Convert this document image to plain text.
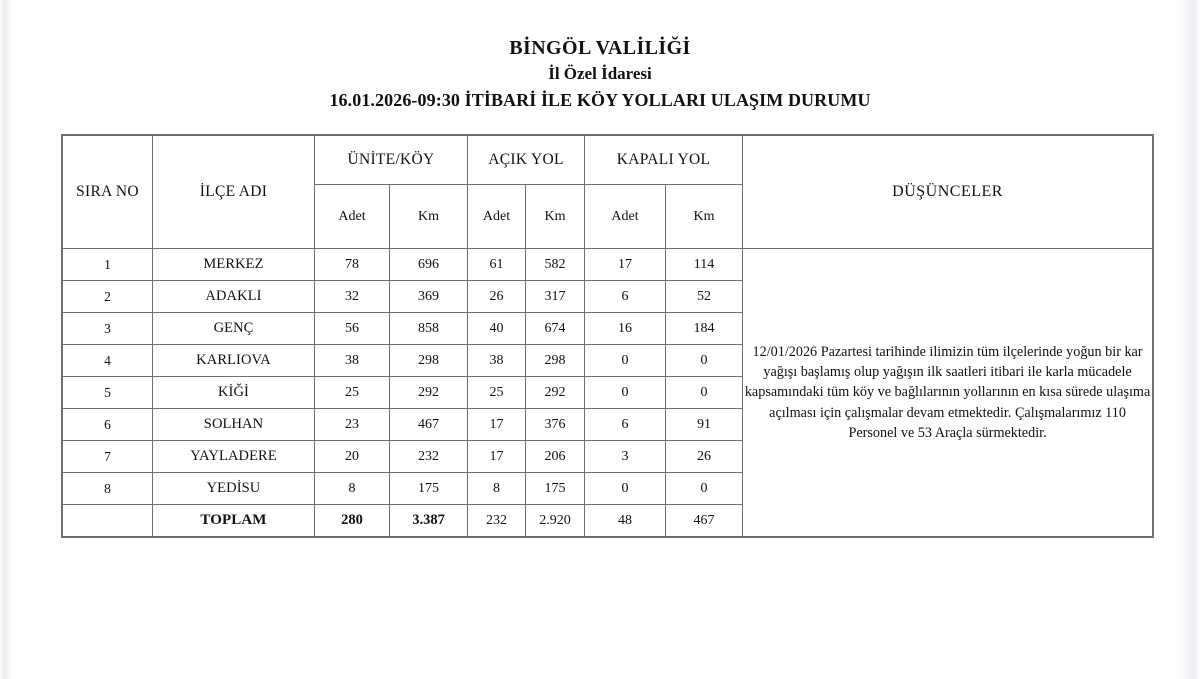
BİNGÖL VALİLİĞİ
İl Özel İdaresi
16.01.2026-09:30 İTİBARİ İLE KÖY YOLLARI ULAŞIM DURUMU
SIRA NO	İLÇE ADI	ÜNİTE/KÖY		AÇIK YOL		KAPALI YOL		DÜŞÜNCELER
		Adet	Km	Adet	Km	Adet	Km	
1	MERKEZ	78	696	61	582	17	114	12/01/2026 Pazartesi tarihinde ilimizin tüm ilçelerinde yoğun bir kar yağışı başlamış olup yağışın ilk saatleri itibari ile karla mücadele kapsamındaki tüm köy ve bağlılarının yollarının en kısa sürede ulaşıma açılması için çalışmalar devam etmektedir. Çalışmalarımız 110 Personel ve 53 Araçla sürmektedir.

2	ADAKLI	32	369	26	317	6	52	
3	GENÇ	56	858	40	674	16	184	
4	KARLIOVA	38	298	38	298	0	0	
5	KİĞİ	25	292	25	292	0	0	
6	SOLHAN	23	467	17	376	6	91	
7	YAYLADERE	20	232	17	206	3	26	
8	YEDİSU	8	175	8	175	0	0	
	TOPLAM	280	3.387	232	2.920	48	467	
